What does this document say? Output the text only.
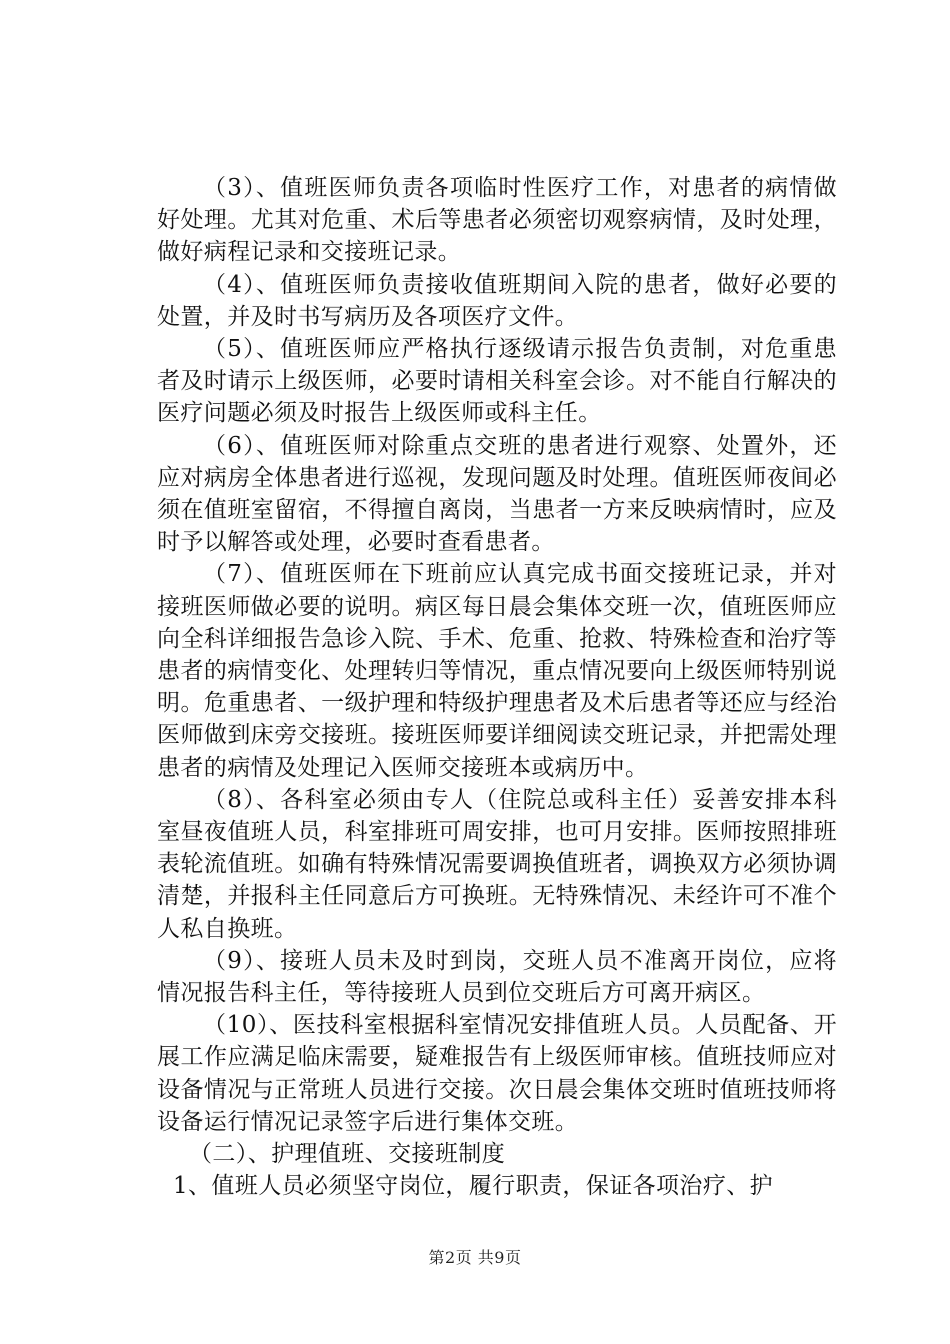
（3）、值班医师负责各项临时性医疗工作，对患者的病情做好处理。尤其对危重、术后等患者必须密切观察病情，及时处理，做好病程记录和交接班记录。

（4）、值班医师负责接收值班期间入院的患者，做好必要的处置，并及时书写病历及各项医疗文件。

（5）、值班医师应严格执行逐级请示报告负责制，对危重患者及时请示上级医师，必要时请相关科室会诊。对不能自行解决的医疗问题必须及时报告上级医师或科主任。

（6）、值班医师对除重点交班的患者进行观察、处置外，还应对病房全体患者进行巡视，发现问题及时处理。值班医师夜间必须在值班室留宿，不得擅自离岗，当患者一方来反映病情时，应及时予以解答或处理，必要时查看患者。

（7）、值班医师在下班前应认真完成书面交接班记录，并对接班医师做必要的说明。病区每日晨会集体交班一次，值班医师应向全科详细报告急诊入院、手术、危重、抢救、特殊检查和治疗等患者的病情变化、处理转归等情况，重点情况要向上级医师特别说明。危重患者、一级护理和特级护理患者及术后患者等还应与经治医师做到床旁交接班。接班医师要详细阅读交班记录，并把需处理患者的病情及处理记入医师交接班本或病历中。

（8）、各科室必须由专人（住院总或科主任）妥善安排本科室昼夜值班人员，科室排班可周安排，也可月安排。医师按照排班表轮流值班。如确有特殊情况需要调换值班者，调换双方必须协调清楚，并报科主任同意后方可换班。无特殊情况、未经许可不准个人私自换班。

（9）、接班人员未及时到岗，交班人员不准离开岗位，应将情况报告科主任，等待接班人员到位交班后方可离开病区。

（10）、医技科室根据科室情况安排值班人员。人员配备、开展工作应满足临床需要，疑难报告有上级医师审核。值班技师应对设备情况与正常班人员进行交接。次日晨会集体交班时值班技师将设备运行情况记录签字后进行集体交班。

（二）、护理值班、交接班制度

1、值班人员必须坚守岗位，履行职责，保证各项治疗、护

第2页 共9页
